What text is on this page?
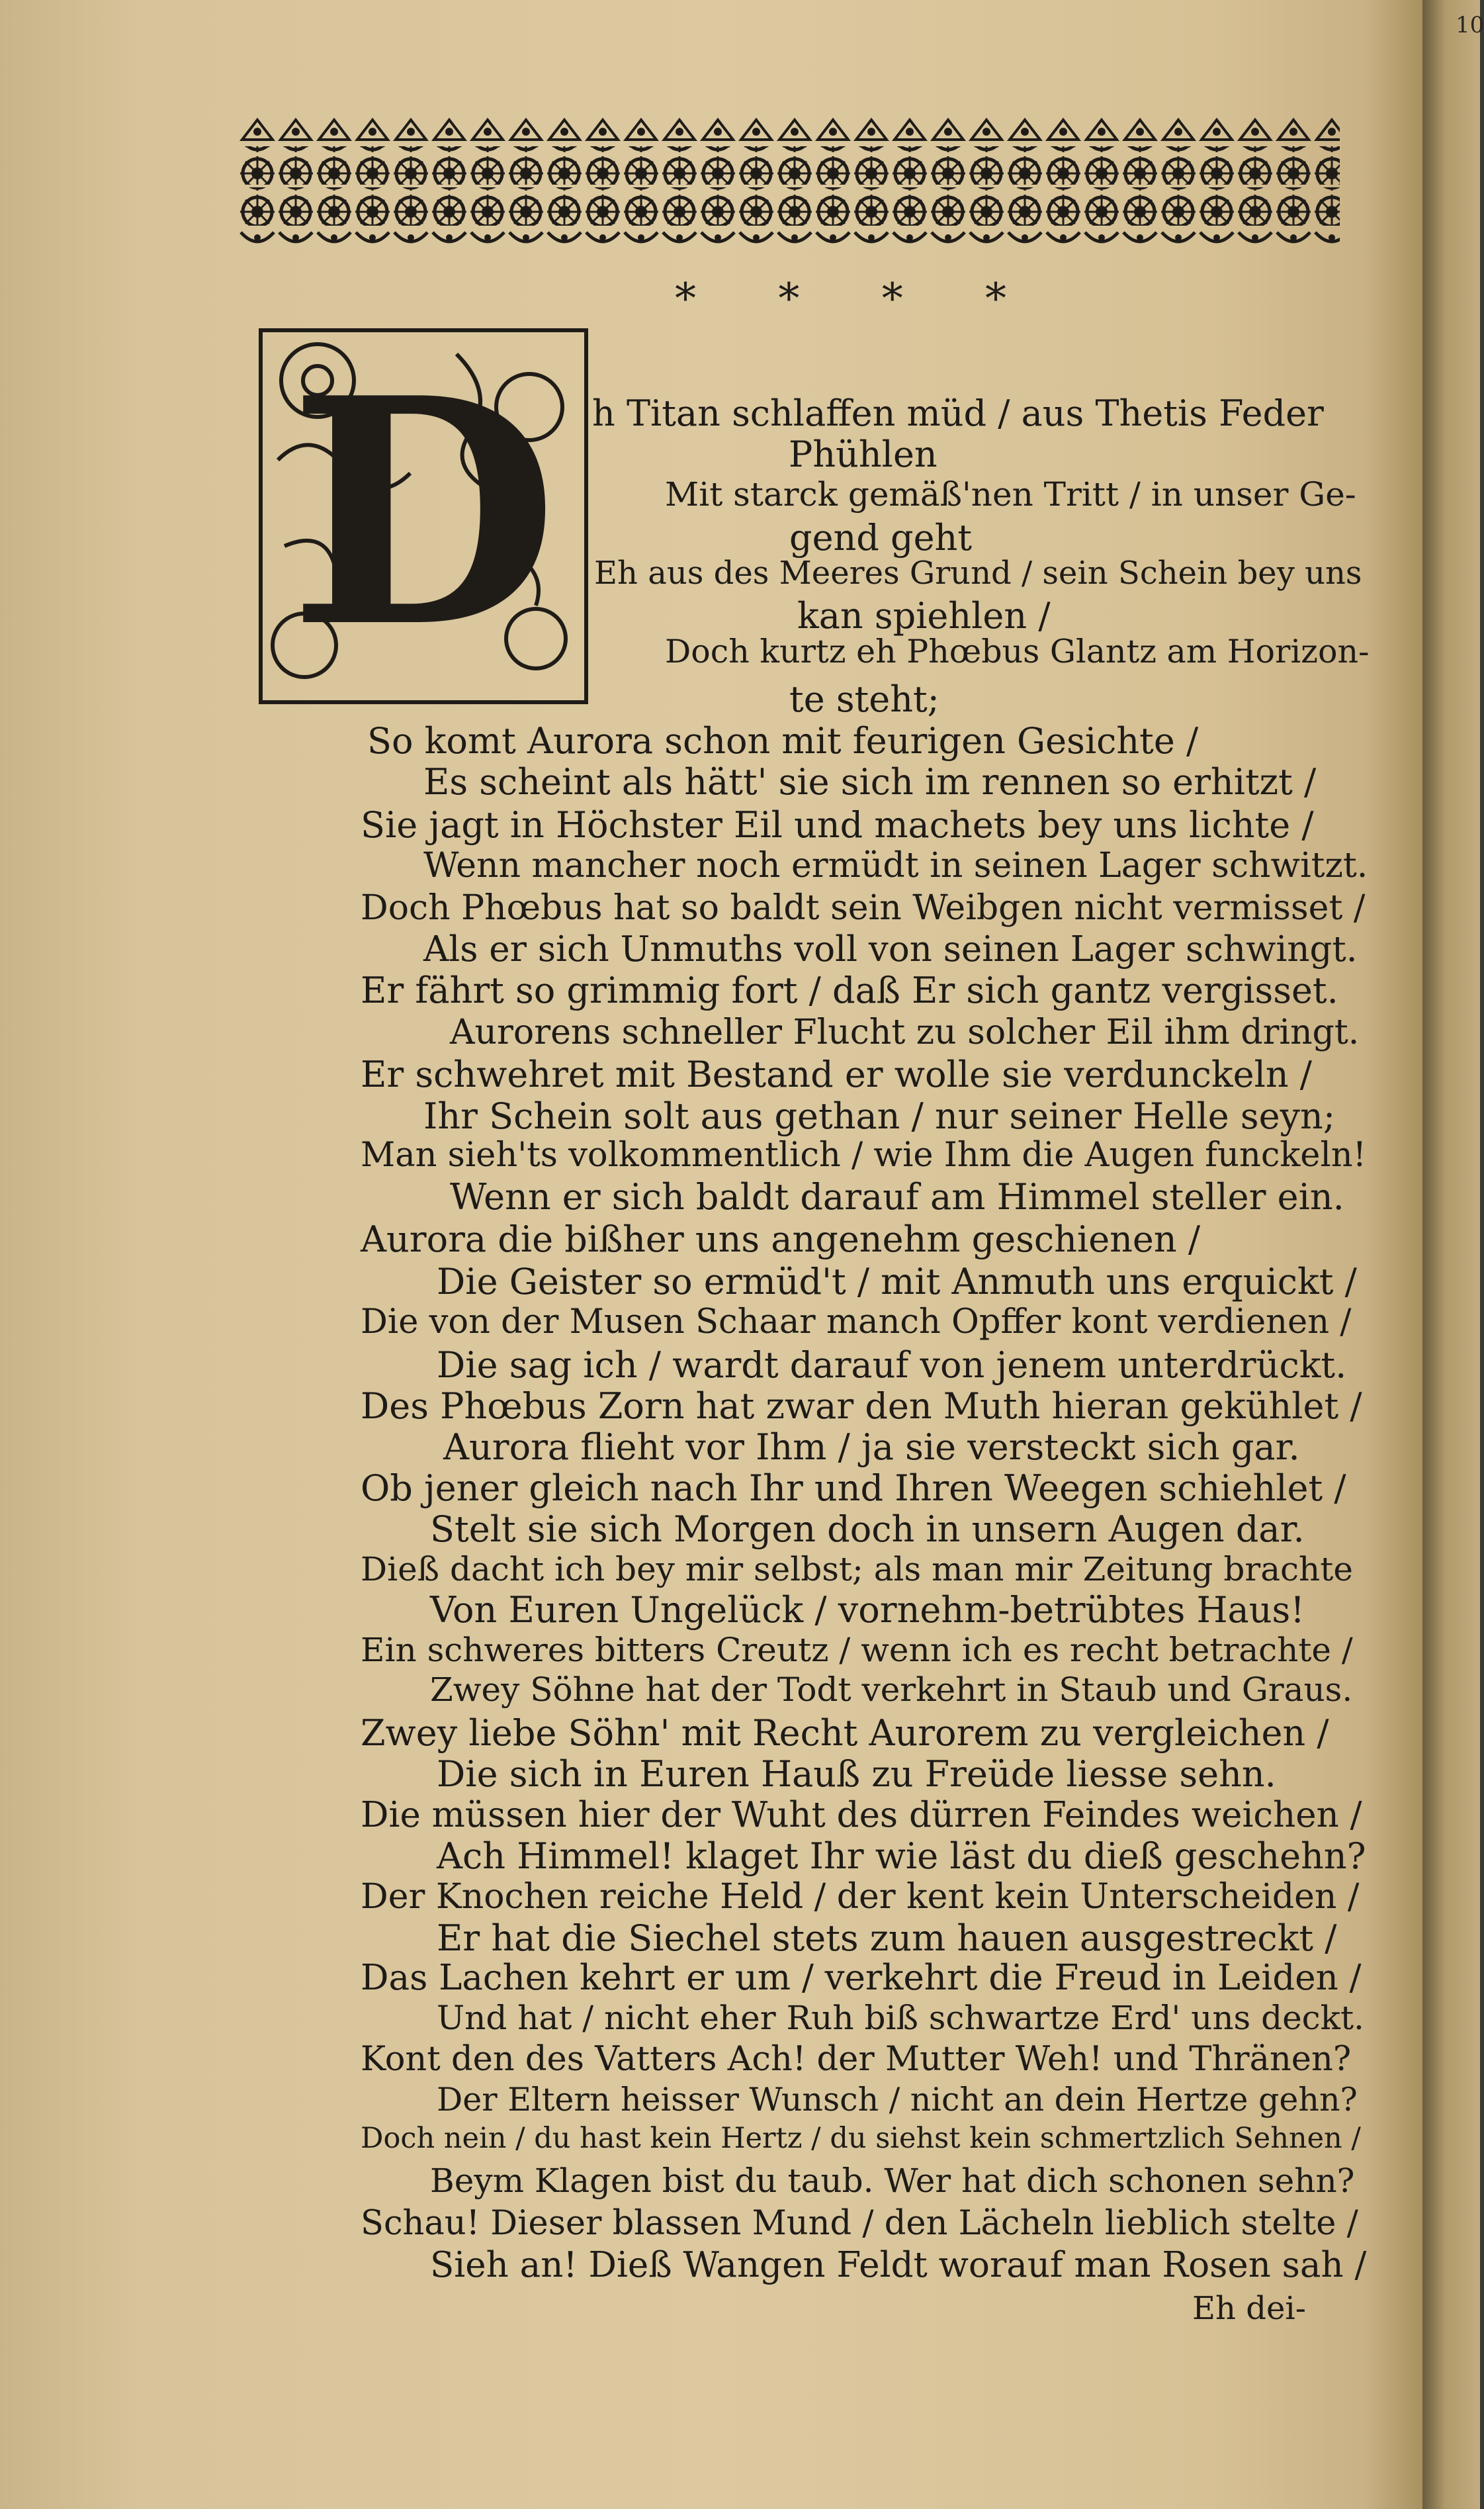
10
* * * *
D h Titan schlaffen müd / aus Thetis Feder
Phühlen
Mit starck gemäß'nen Tritt / in unser Ge-
gend geht
Eh aus des Meeres Grund / sein Schein bey uns
kan spiehlen /
Doch kurtz eh Phœbus Glantz am Horizon-
te steht;
So komt Aurora schon mit feurigen Gesichte /
Es scheint als hätt' sie sich im rennen so erhitzt /
Sie jagt in Höchster Eil und machets bey uns lichte /
Wenn mancher noch ermüdt in seinen Lager schwitzt.
Doch Phœbus hat so baldt sein Weibgen nicht vermisset /
Als er sich Unmuths voll von seinen Lager schwingt.
Er fährt so grimmig fort / daß Er sich gantz vergisset.
Aurorens schneller Flucht zu solcher Eil ihm dringt.
Er schwehret mit Bestand er wolle sie verdunckeln /
Ihr Schein solt aus gethan / nur seiner Helle seyn;
Man sieh'ts volkommentlich / wie Ihm die Augen funckeln!
Wenn er sich baldt darauf am Himmel steller ein.
Aurora die bißher uns angenehm geschienen /
Die Geister so ermüd't / mit Anmuth uns erquickt /
Die von der Musen Schaar manch Opffer kont verdienen /
Die sag ich / wardt darauf von jenem unterdrückt.
Des Phœbus Zorn hat zwar den Muth hieran gekühlet /
Aurora flieht vor Ihm / ja sie versteckt sich gar.
Ob jener gleich nach Ihr und Ihren Weegen schiehlet /
Stelt sie sich Morgen doch in unsern Augen dar.
Dieß dacht ich bey mir selbst; als man mir Zeitung brachte
Von Euren Ungelück / vornehm-betrübtes Haus!
Ein schweres bitters Creutz / wenn ich es recht betrachte /
Zwey Söhne hat der Todt verkehrt in Staub und Graus.
Zwey liebe Söhn' mit Recht Aurorem zu vergleichen /
Die sich in Euren Hauß zu Freüde liesse sehn.
Die müssen hier der Wuht des dürren Feindes weichen /
Ach Himmel! klaget Ihr wie läst du dieß geschehn?
Der Knochen reiche Held / der kent kein Unterscheiden /
Er hat die Siechel stets zum hauen ausgestreckt /
Das Lachen kehrt er um / verkehrt die Freud in Leiden /
Und hat / nicht eher Ruh biß schwartze Erd' uns deckt.
Kont den des Vatters Ach! der Mutter Weh! und Thränen?
Der Eltern heisser Wunsch / nicht an dein Hertze gehn?
Doch nein / du hast kein Hertz / du siehst kein schmertzlich Sehnen /
Beym Klagen bist du taub. Wer hat dich schonen sehn?
Schau! Dieser blassen Mund / den Lächeln lieblich stelte /
Sieh an! Dieß Wangen Feldt worauf man Rosen sah /
Eh dei-
